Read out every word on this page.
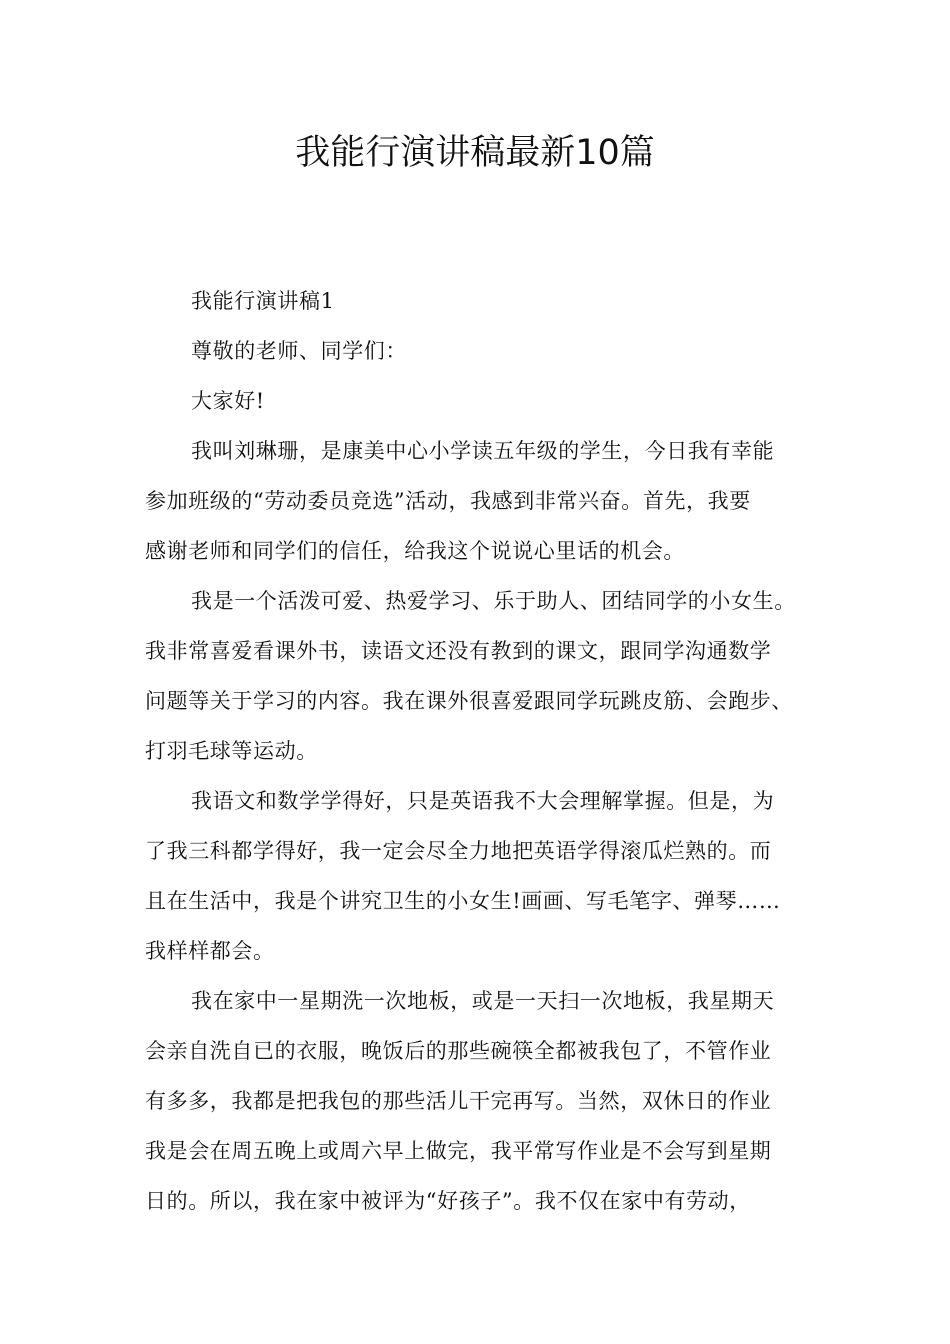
我能行演讲稿最新10篇
我能行演讲稿1
尊敬的老师、同学们：
大家好!
我叫刘琳珊，是康美中心小学读五年级的学生，今日我有幸能
参加班级的“劳动委员竞选”活动，我感到非常兴奋。首先，我要
感谢老师和同学们的信任，给我这个说说心里话的机会。
我是一个活泼可爱、热爱学习、乐于助人、团结同学的小女生。
我非常喜爱看课外书，读语文还没有教到的课文，跟同学沟通数学
问题等关于学习的内容。我在课外很喜爱跟同学玩跳皮筋、会跑步、
打羽毛球等运动。
我语文和数学学得好，只是英语我不大会理解掌握。但是，为
了我三科都学得好，我一定会尽全力地把英语学得滚瓜烂熟的。而
且在生活中，我是个讲究卫生的小女生!画画、写毛笔字、弹琴……
我样样都会。
我在家中一星期洗一次地板，或是一天扫一次地板，我星期天
会亲自洗自已的衣服，晚饭后的那些碗筷全都被我包了，不管作业
有多多，我都是把我包的那些活儿干完再写。当然，双休日的作业
我是会在周五晚上或周六早上做完，我平常写作业是不会写到星期
日的。所以，我在家中被评为“好孩子”。我不仅在家中有劳动，
